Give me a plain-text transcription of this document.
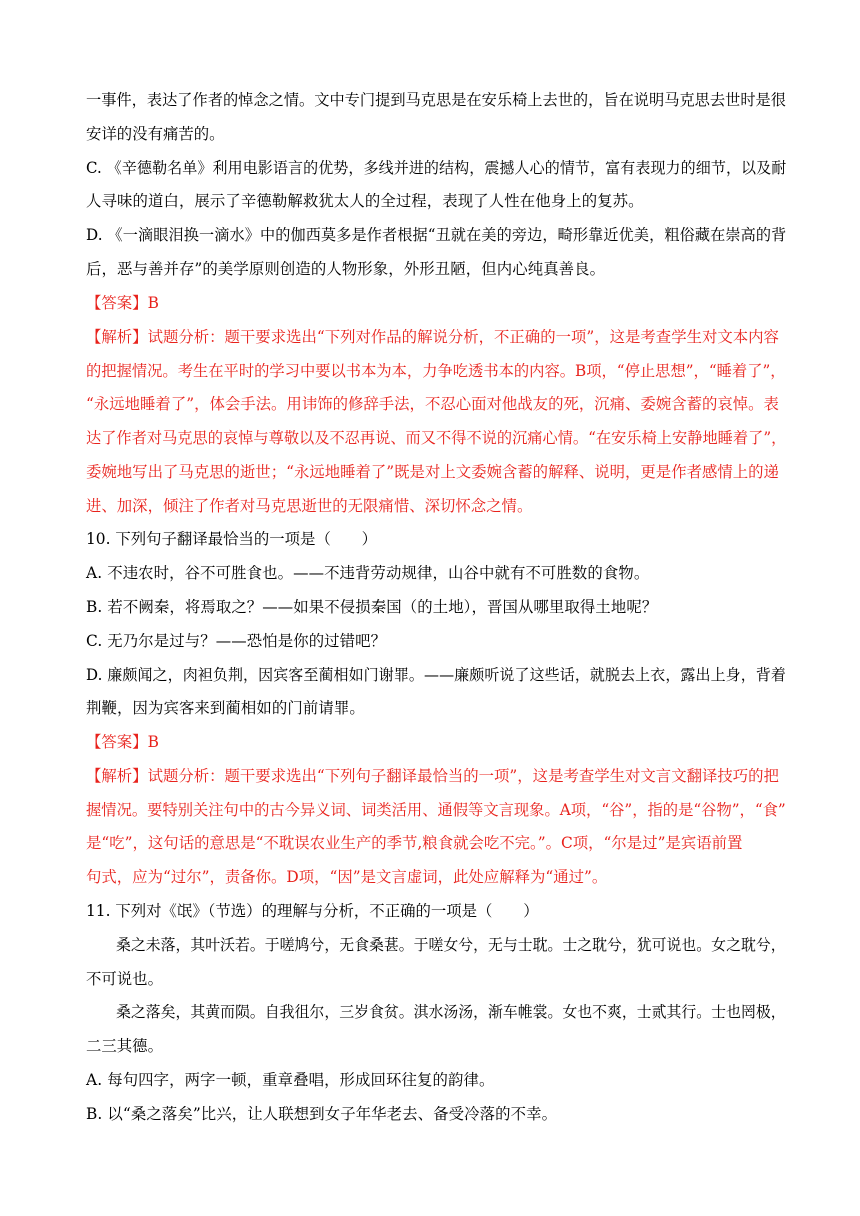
一事件，表达了作者的悼念之情。文中专门提到马克思是在安乐椅上去世的，旨在说明马克思去世时是很
安详的没有痛苦的。
C. 《辛德勒名单》利用电影语言的优势，多线并进的结构，震撼人心的情节，富有表现力的细节，以及耐
人寻味的道白，展示了辛德勒解救犹太人的全过程，表现了人性在他身上的复苏。
D. 《一滴眼泪换一滴水》中的伽西莫多是作者根据“丑就在美的旁边，畸形靠近优美，粗俗藏在崇高的背
后，恶与善并存”的美学原则创造的人物形象，外形丑陋，但内心纯真善良。
【答案】B
【解析】试题分析：题干要求选出“下列对作品的解说分析，不正确的一项”，这是考查学生对文本内容
的把握情况。考生在平时的学习中要以书本为本，力争吃透书本的内容。B项，“停止思想”，“睡着了”，
“永远地睡着了”，体会手法。用讳饰的修辞手法，不忍心面对他战友的死，沉痛、委婉含蓄的哀悼。表
达了作者对马克思的哀悼与尊敬以及不忍再说、而又不得不说的沉痛心情。“在安乐椅上安静地睡着了”，
委婉地写出了马克思的逝世；“永远地睡着了”既是对上文委婉含蓄的解释、说明，更是作者感情上的递
进、加深，倾注了作者对马克思逝世的无限痛惜、深切怀念之情。
10. 下列句子翻译最恰当的一项是（　　）
A. 不违农时，谷不可胜食也。——不违背劳动规律，山谷中就有不可胜数的食物。
B. 若不阙秦，将焉取之？——如果不侵损秦国（的土地），晋国从哪里取得土地呢？
C. 无乃尔是过与？——恐怕是你的过错吧？
D. 廉颇闻之，肉袒负荆，因宾客至蔺相如门谢罪。——廉颇听说了这些话，就脱去上衣，露出上身，背着
荆鞭，因为宾客来到蔺相如的门前请罪。
【答案】B
【解析】试题分析：题干要求选出“下列句子翻译最恰当的一项”，这是考查学生对文言文翻译技巧的把
握情况。要特别关注句中的古今异义词、词类活用、通假等文言现象。A项，“谷”，指的是“谷物”，“食”
是“吃”，这句话的意思是“不耽误农业生产的季节,粮食就会吃不完。”。C项，“尔是过”是宾语前置
句式，应为“过尔”，责备你。D项，“因”是文言虚词，此处应解释为“通过”。
11. 下列对《氓》（节选）的理解与分析，不正确的一项是（　　）
桑之未落，其叶沃若。于嗟鸠兮，无食桑葚。于嗟女兮，无与士耽。士之耽兮，犹可说也。女之耽兮，
不可说也。
桑之落矣，其黄而陨。自我徂尔，三岁食贫。淇水汤汤，渐车帷裳。女也不爽，士贰其行。士也罔极，
二三其德。
A. 每句四字，两字一顿，重章叠唱，形成回环往复的韵律。
B. 以“桑之落矣”比兴，让人联想到女子年华老去、备受冷落的不幸。
